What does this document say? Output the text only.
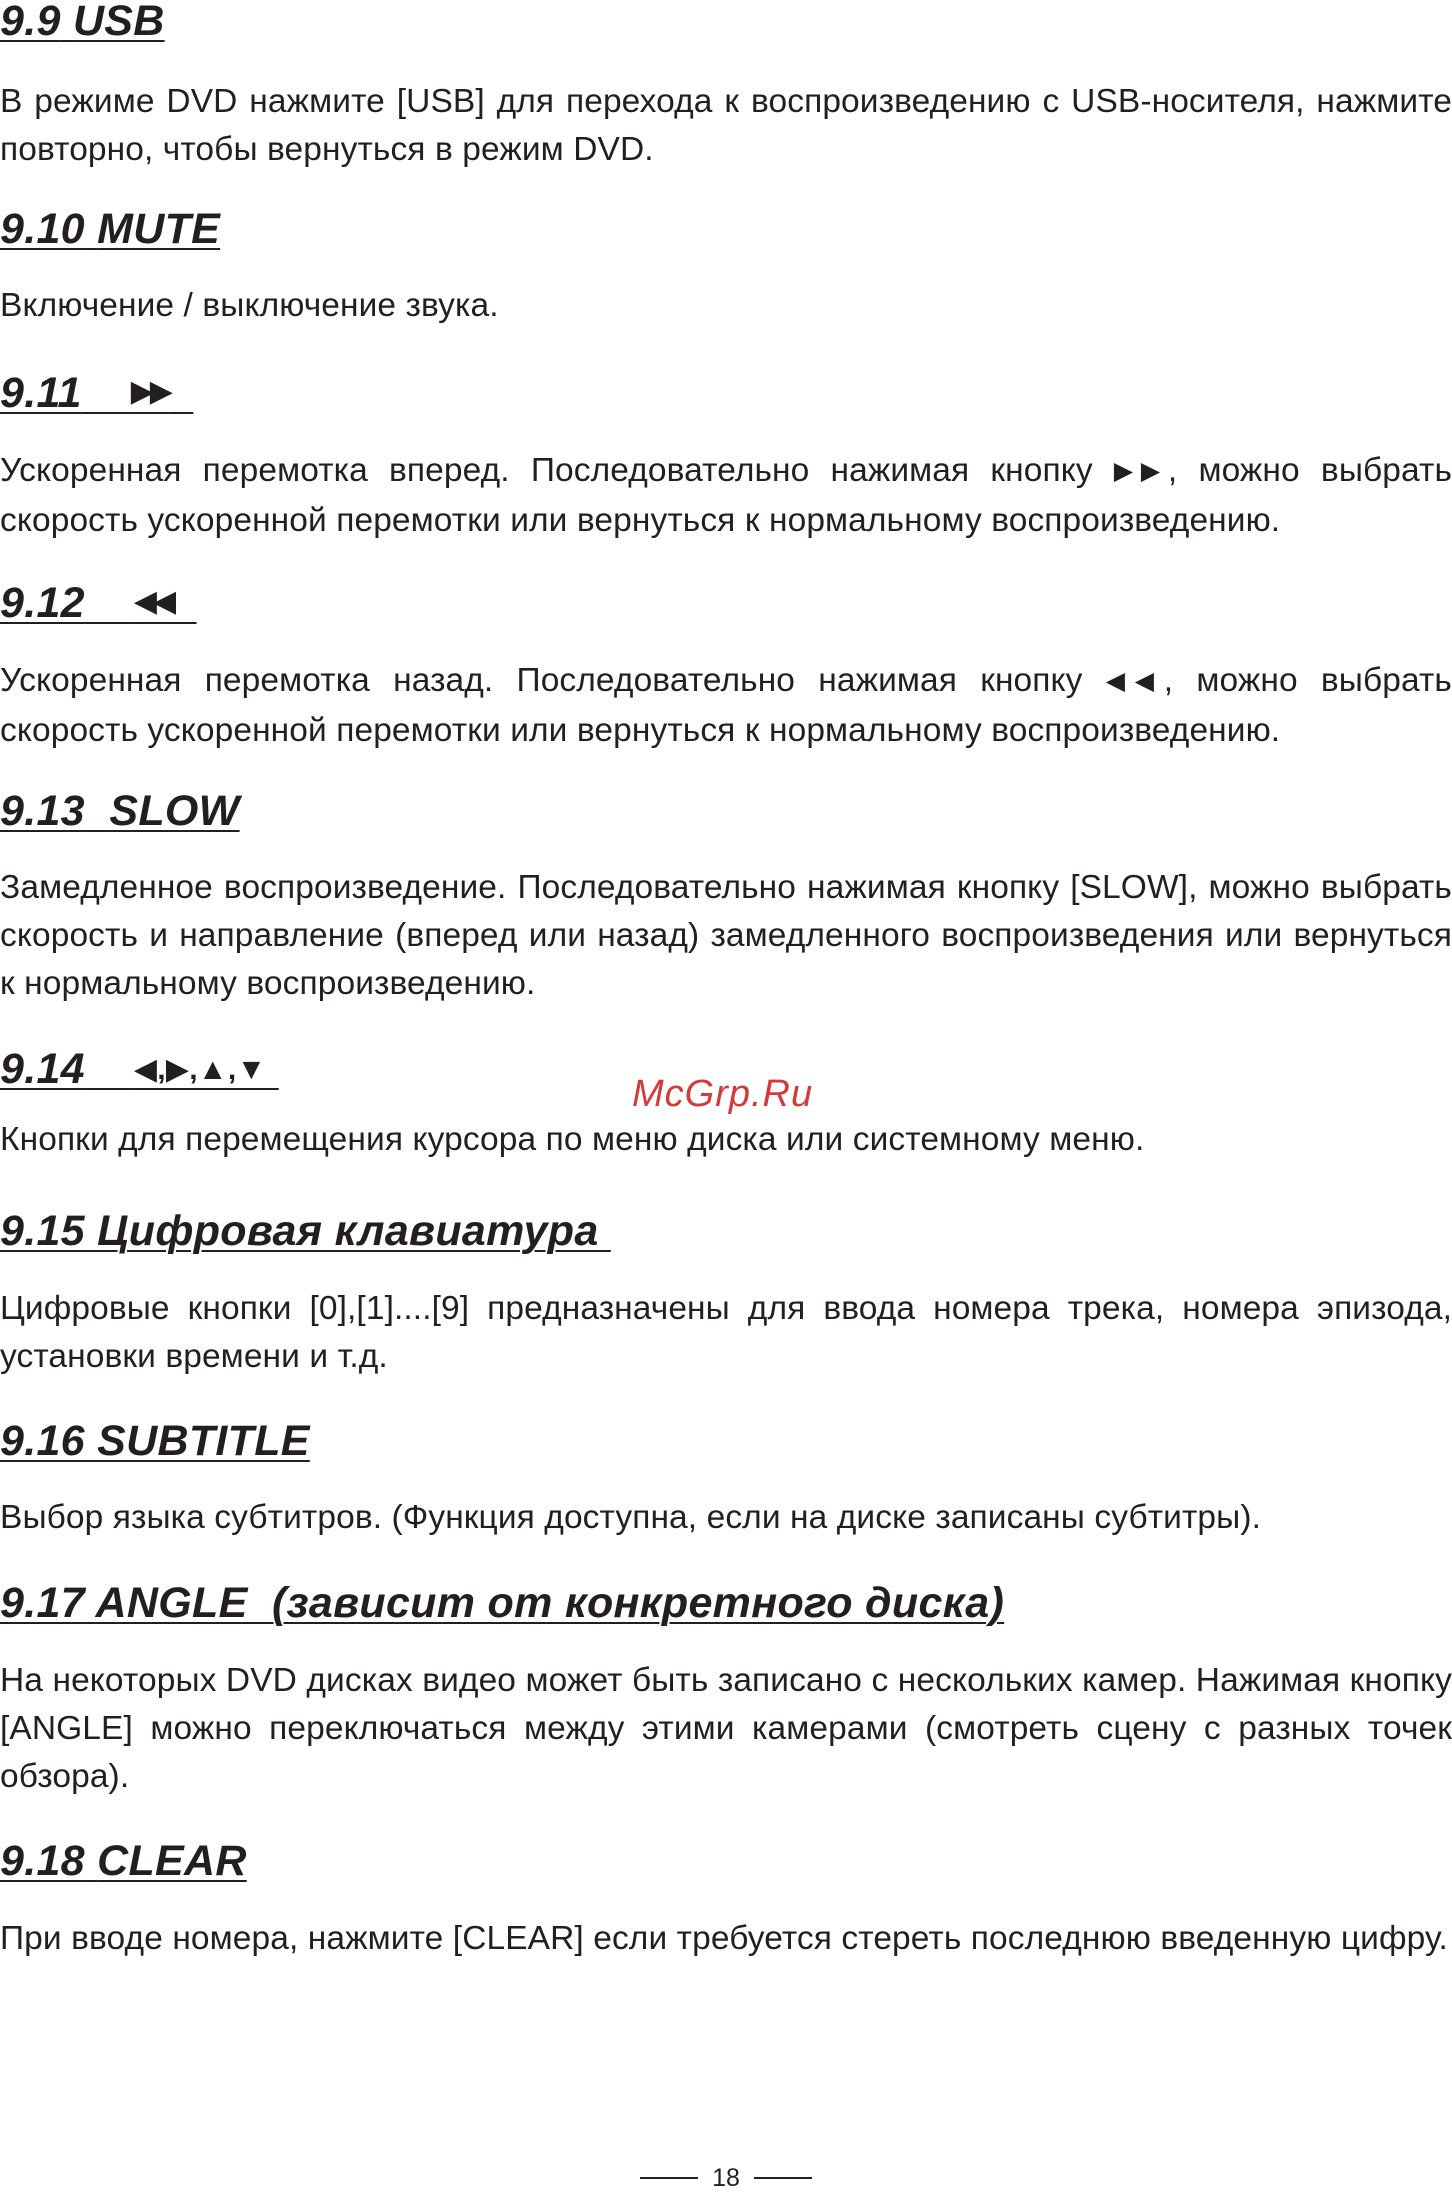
9.9 USB

В режиме DVD нажмите [USB] для перехода к воспроизведению с USB-носителя, нажмите повторно, чтобы вернуться в режим DVD.

9.10 MUTE

Включение / выключение звука.

9.11 ▶▶

Ускоренная перемотка вперед. Последовательно нажимая кнопку ▶▶, можно выбрать скорость ускоренной перемотки или вернуться к нормальному воспроизведению.

9.12 ◀◀

Ускоренная перемотка назад. Последовательно нажимая кнопку ◀◀, можно выбрать скорость ускоренной перемотки или вернуться к нормальному воспроизведению.

9.13 SLOW

Замедленное воспроизведение. Последовательно нажимая кнопку [SLOW], можно выбрать скорость и направление (вперед или назад) замедленного воспроизведения или вернуться к нормальному воспроизведению.

9.14 ◀,▶,▲,▼

Кнопки для перемещения курсора по меню диска или системному меню.

9.15 Цифровая клавиатура

Цифровые кнопки [0],[1]....[9] предназначены для ввода номера трека, номера эпизода, установки времени и т.д.

9.16 SUBTITLE

Выбор языка субтитров. (Функция доступна, если на диске записаны субтитры).

9.17 ANGLE  (зависит от конкретного диска)

На некоторых DVD дисках видео может быть записано с нескольких камер. Нажимая кнопку [ANGLE] можно переключаться между этими камерами (смотреть сцену с разных точек обзора).

9.18 CLEAR

При вводе номера, нажмите [CLEAR] если требуется стереть последнюю введенную цифру.

McGrp.Ru
18
